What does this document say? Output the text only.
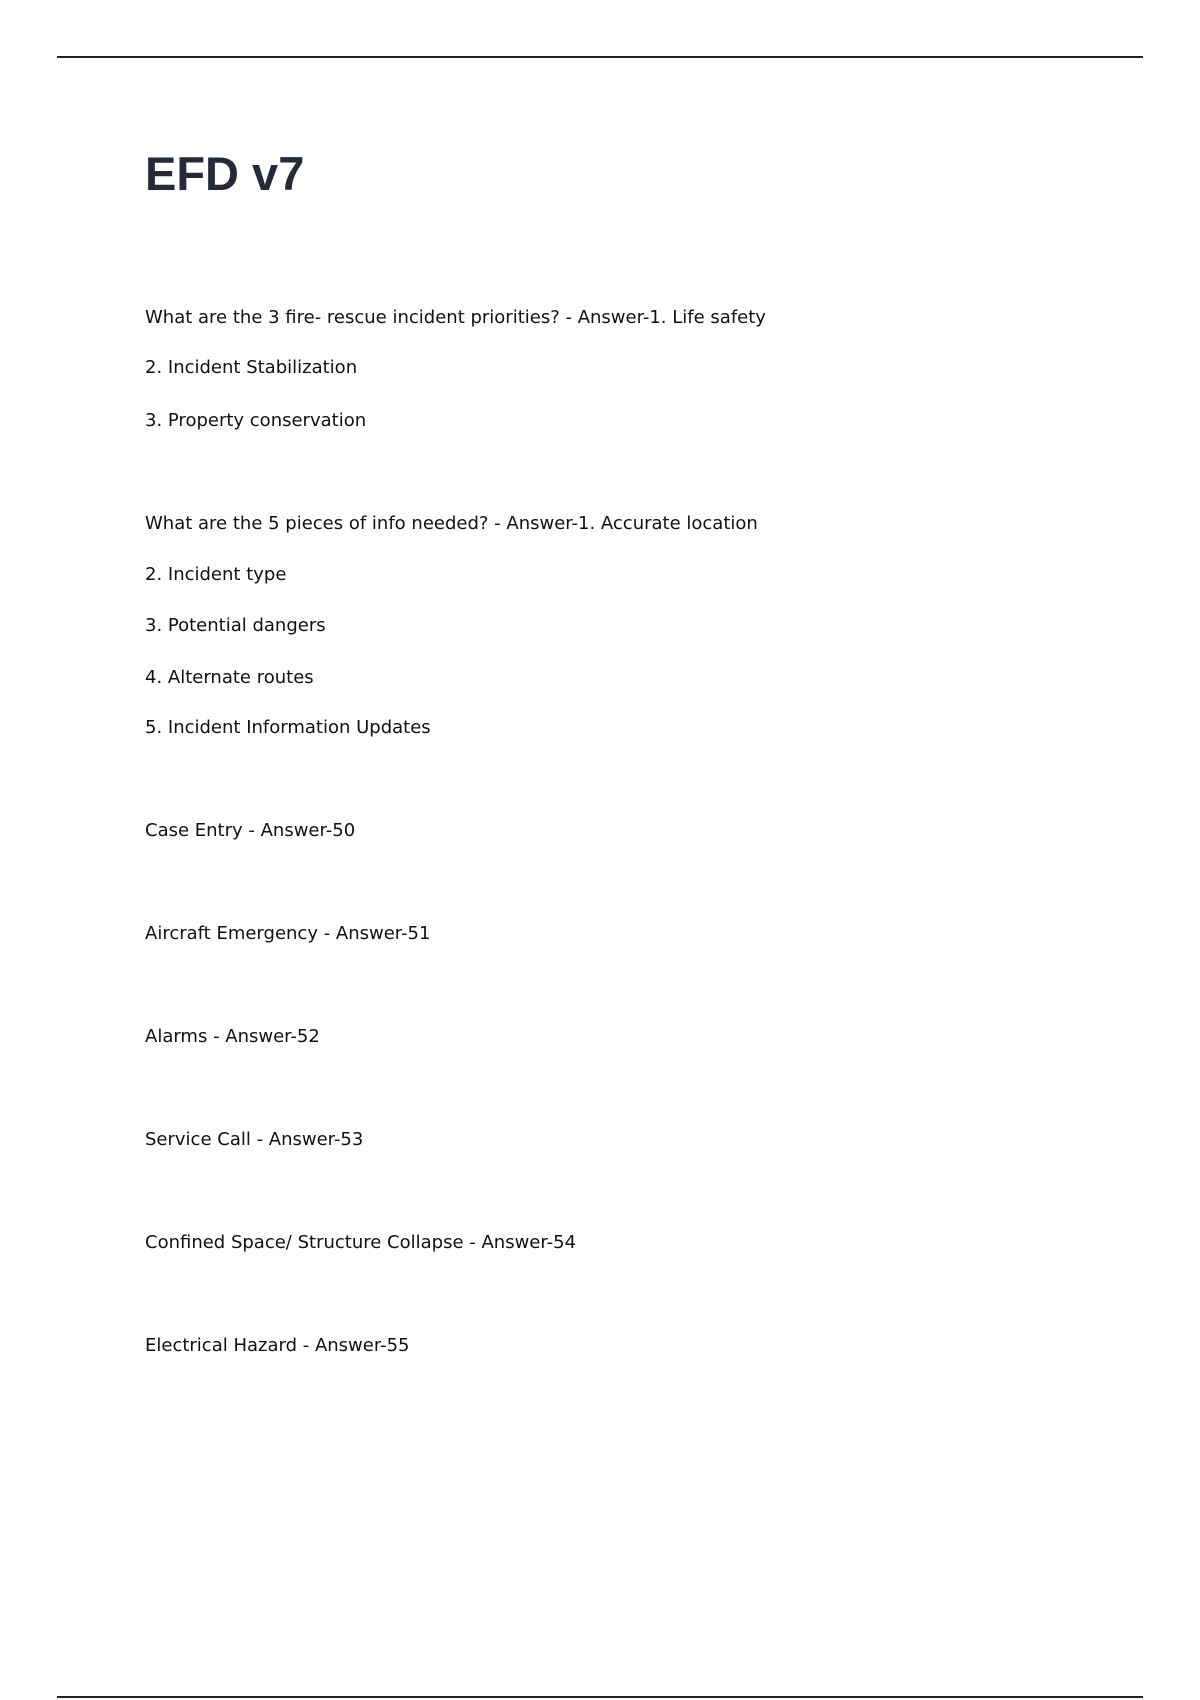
EFD v7

What are the 3 fire- rescue incident priorities? - Answer-1. Life safety

2. Incident Stabilization

3. Property conservation

What are the 5 pieces of info needed? - Answer-1. Accurate location

2. Incident type

3. Potential dangers

4. Alternate routes

5. Incident Information Updates

Case Entry - Answer-50

Aircraft Emergency - Answer-51

Alarms - Answer-52

Service Call - Answer-53

Confined Space/ Structure Collapse - Answer-54

Electrical Hazard - Answer-55
